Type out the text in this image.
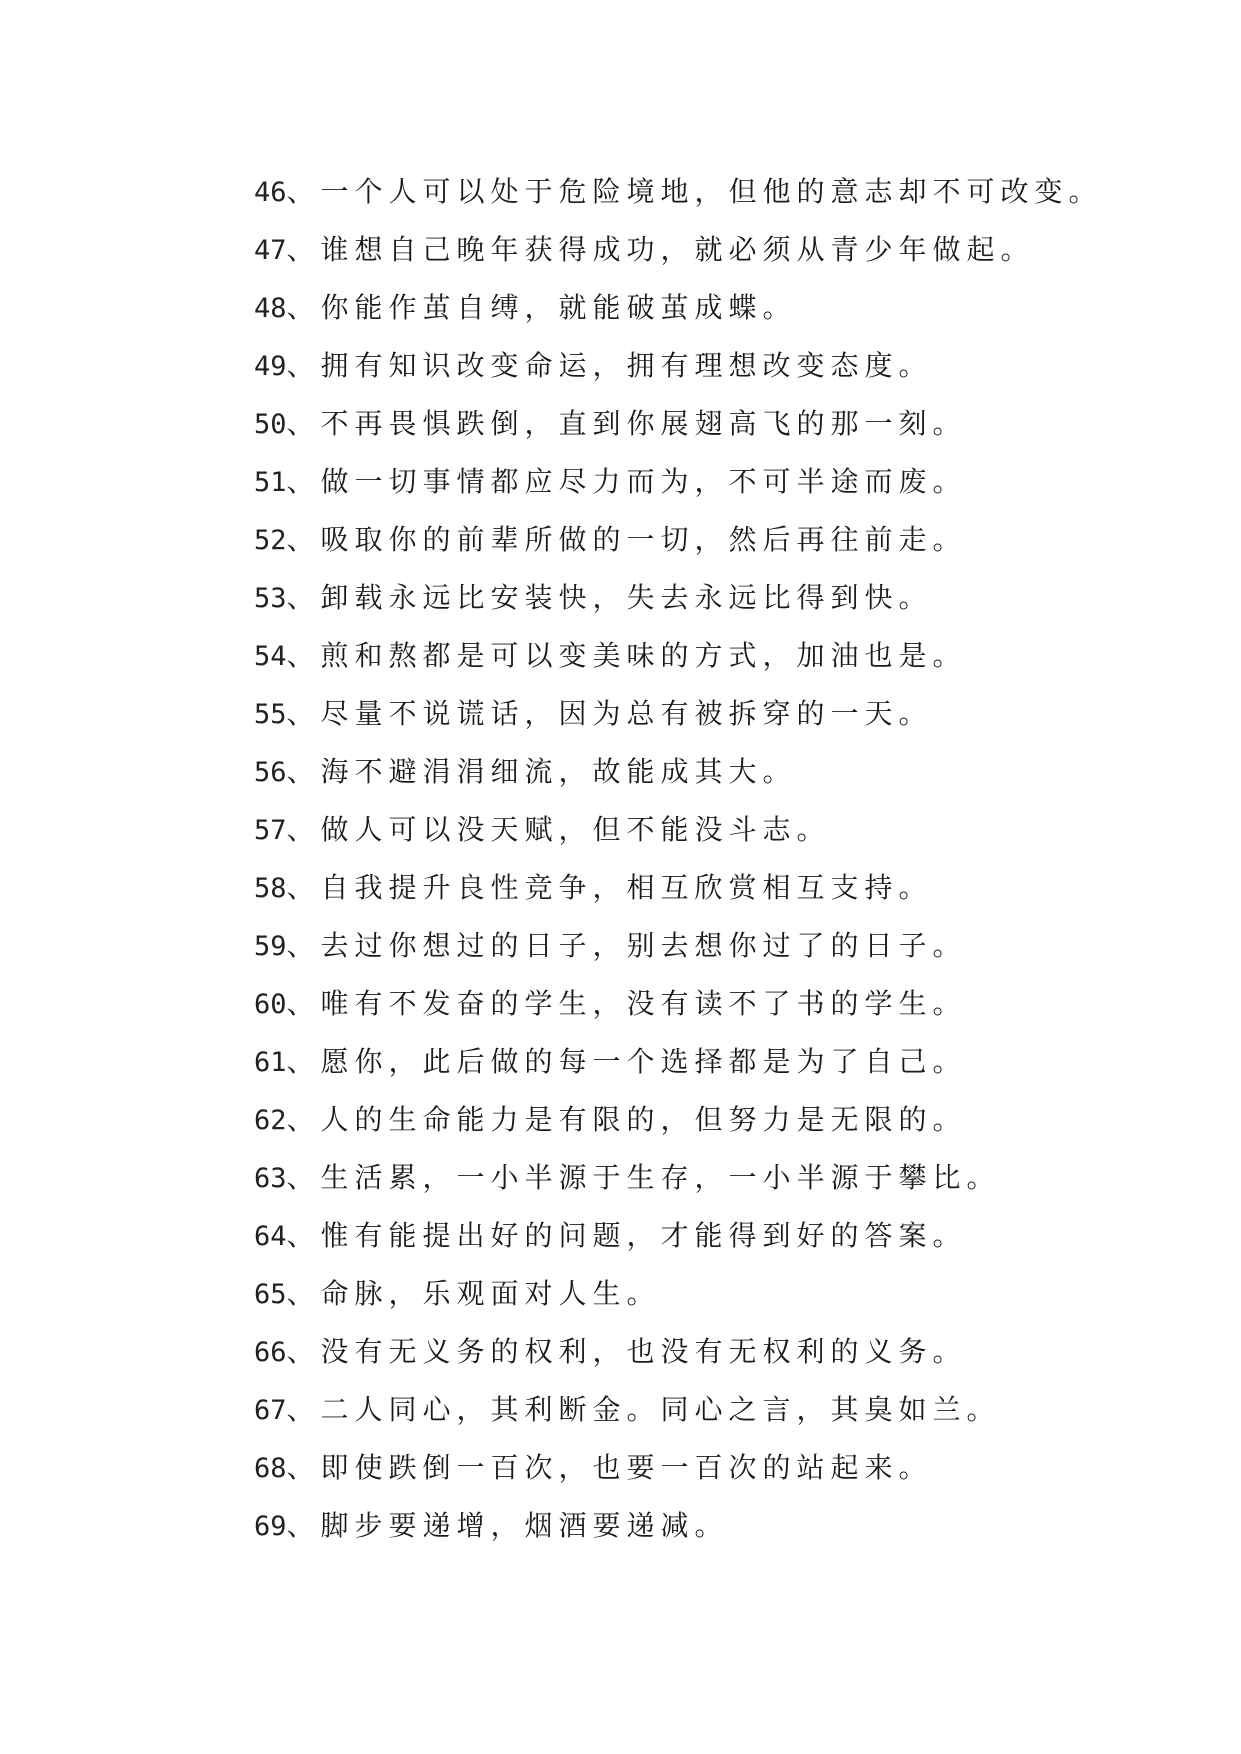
46、一个人可以处于危险境地，但他的意志却不可改变。
47、谁想自己晚年获得成功，就必须从青少年做起。
48、你能作茧自缚，就能破茧成蝶。
49、拥有知识改变命运，拥有理想改变态度。
50、不再畏惧跌倒，直到你展翅高飞的那一刻。
51、做一切事情都应尽力而为，不可半途而废。
52、吸取你的前辈所做的一切，然后再往前走。
53、卸载永远比安装快，失去永远比得到快。
54、煎和熬都是可以变美味的方式，加油也是。
55、尽量不说谎话，因为总有被拆穿的一天。
56、海不避涓涓细流，故能成其大。
57、做人可以没天赋，但不能没斗志。
58、自我提升良性竞争，相互欣赏相互支持。
59、去过你想过的日子，别去想你过了的日子。
60、唯有不发奋的学生，没有读不了书的学生。
61、愿你，此后做的每一个选择都是为了自己。
62、人的生命能力是有限的，但努力是无限的。
63、生活累，一小半源于生存，一小半源于攀比。
64、惟有能提出好的问题，才能得到好的答案。
65、命脉，乐观面对人生。
66、没有无义务的权利，也没有无权利的义务。
67、二人同心，其利断金。同心之言，其臭如兰。
68、即使跌倒一百次，也要一百次的站起来。
69、脚步要递增，烟酒要递减。
